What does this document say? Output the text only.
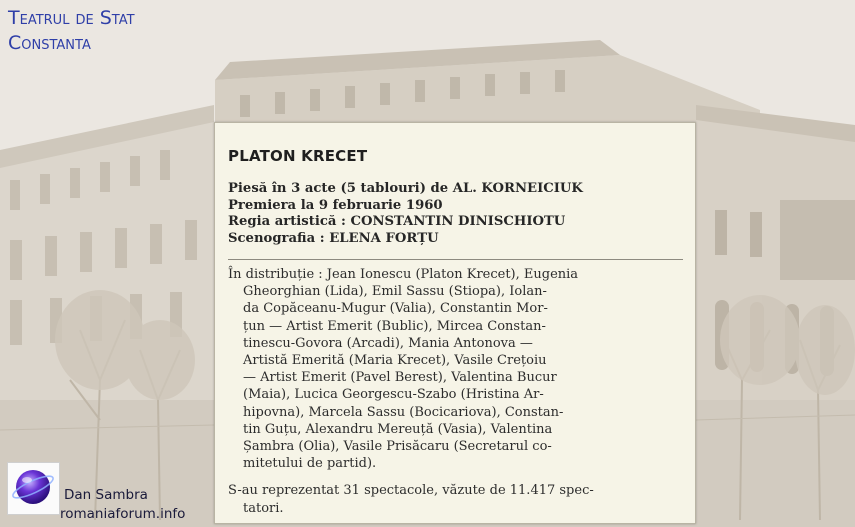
Teatrul de Stat
Constanta
PLATON KRECET
Piesă în 3 acte (5 tablouri) de AL. KORNEICIUK
Premiera la 9 februarie 1960
Regia artistică : CONSTANTIN DINISCHIOTU
Scenografia : ELENA FORȚU
În distribuție : Jean Ionescu (Platon Krecet), Eugenia
Gheorghian (Lida), Emil Sassu (Stiopa), Iolan-
da Copăceanu-Mugur (Valia), Constantin Mor-
țun — Artist Emerit (Bublic), Mircea Constan-
tinescu-Govora (Arcadi), Mania Antonova —
Artistă Emerită (Maria Krecet), Vasile Crețoiu
— Artist Emerit (Pavel Berest), Valentina Bucur
(Maia), Lucica Georgescu-Szabo (Hristina Ar-
hipovna), Marcela Sassu (Bocicariova), Constan-
tin Guțu, Alexandru Mereuță (Vasia), Valentina
Șambra (Olia), Vasile Prisăcaru (Secretarul co-
mitetului de partid).
S-au reprezentat 31 spectacole, văzute de 11.417 spec-
tatori.
Dan Sambra
romaniaforum.info
